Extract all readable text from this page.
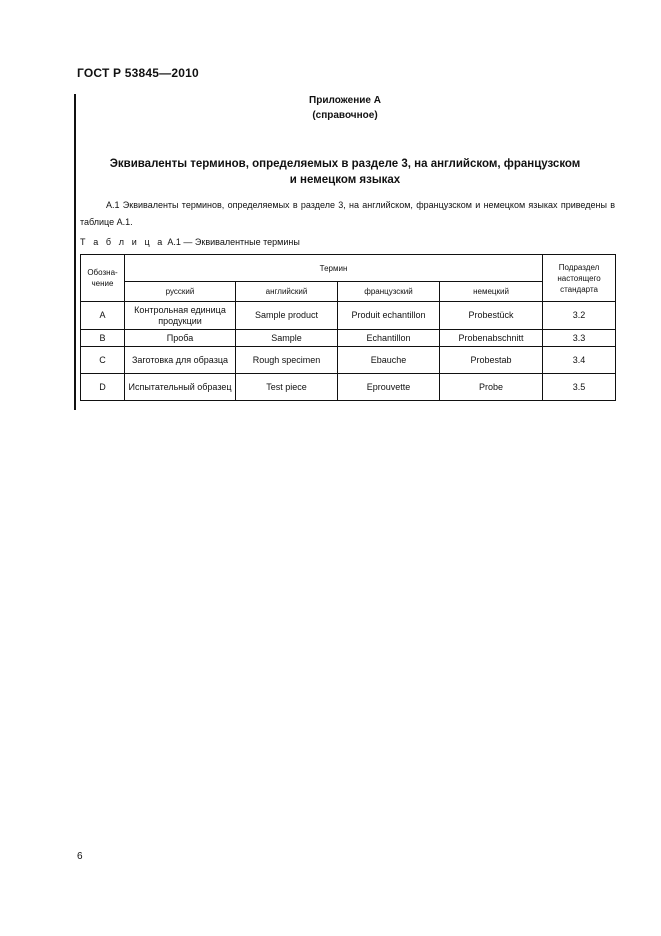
ГОСТ Р 53845—2010
Приложение А
(справочное)
Эквиваленты терминов, определяемых в разделе 3, на английском, французском
и немецком языках
А.1 Эквиваленты терминов, определяемых в разделе 3, на английском, французском и немецком языках приведены в таблице А.1.
Т а б л и ц а А.1 — Эквивалентные термины
Обозна-чение	Термин				Подраздел настоящего стандарта
	русский	английский	французский	немецкий	
A	Контрольная единица продукции	Sample product	Produit echantillon	Probestück	3.2
B	Проба	Sample	Echantillon	Probenabschnitt	3.3
C	Заготовка для образца	Rough specimen	Ebauche	Probestab	3.4
D	Испытательный образец	Test piece	Eprouvette	Probe	3.5
6
